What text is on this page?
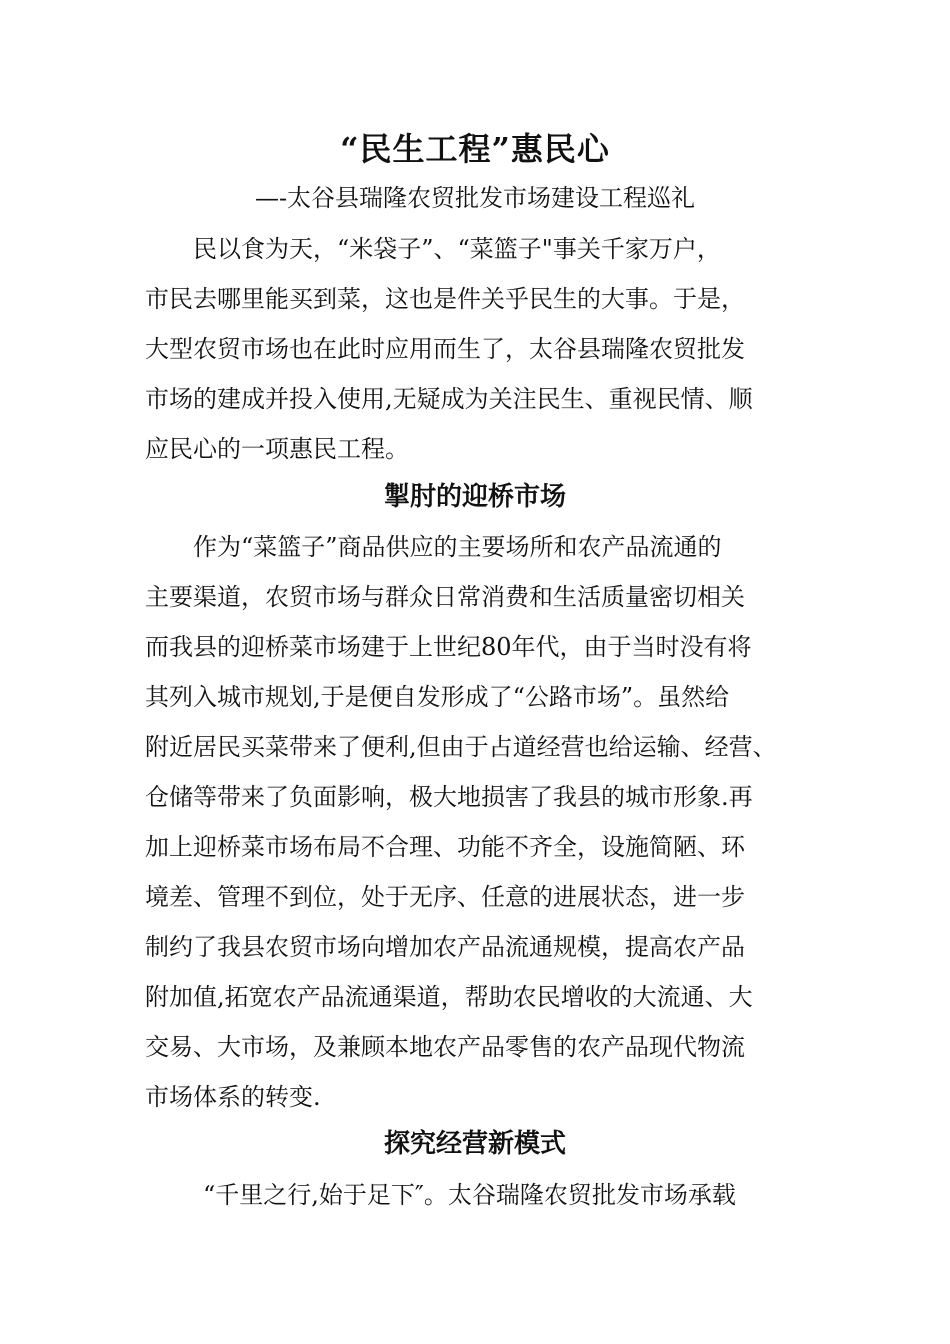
“民生工程”惠民心
—-太谷县瑞隆农贸批发市场建设工程巡礼
民以食为天，“米袋子”、“菜篮子"事关千家万户，
市民去哪里能买到菜，这也是件关乎民生的大事。于是，
大型农贸市场也在此时应用而生了，太谷县瑞隆农贸批发
市场的建成并投入使用,无疑成为关注民生、重视民情、顺
应民心的一项惠民工程。
掣肘的迎桥市场
作为“菜篮子”商品供应的主要场所和农产品流通的
主要渠道，农贸市场与群众日常消费和生活质量密切相关
而我县的迎桥菜市场建于上世纪80年代，由于当时没有将
其列入城市规划,于是便自发形成了“公路市场”。虽然给
附近居民买菜带来了便利,但由于占道经营也给运输、经营、
仓储等带来了负面影响，极大地损害了我县的城市形象.再
加上迎桥菜市场布局不合理、功能不齐全，设施简陋、环
境差、管理不到位，处于无序、任意的进展状态，进一步
制约了我县农贸市场向增加农产品流通规模，提高农产品
附加值,拓宽农产品流通渠道，帮助农民增收的大流通、大
交易、大市场，及兼顾本地农产品零售的农产品现代物流
市场体系的转变.
探究经营新模式
“千里之行,始于足下″。太谷瑞隆农贸批发市场承载
